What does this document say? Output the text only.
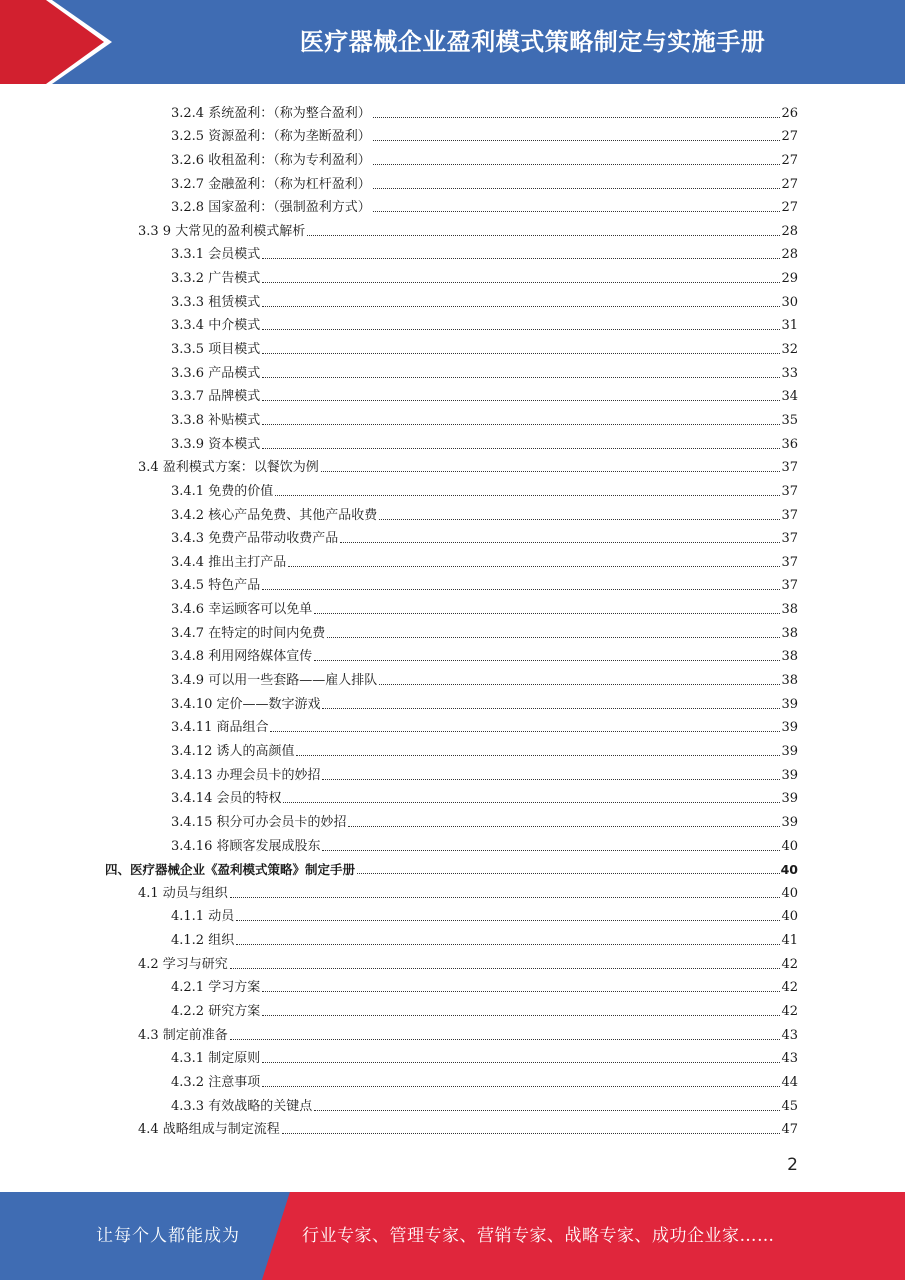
医疗器械企业盈利模式策略制定与实施手册
3.2.4 系统盈利：（称为整合盈利）	26
3.2.5 资源盈利：（称为垄断盈利）	27
3.2.6 收租盈利：（称为专利盈利）	27
3.2.7 金融盈利：（称为杠杆盈利）	27
3.2.8 国家盈利：（强制盈利方式）	27
3.3 9 大常见的盈利模式解析	28
3.3.1 会员模式	28
3.3.2 广告模式	29
3.3.3 租赁模式	30
3.3.4 中介模式	31
3.3.5 项目模式	32
3.3.6 产品模式	33
3.3.7 品牌模式	34
3.3.8 补贴模式	35
3.3.9 资本模式	36
3.4 盈利模式方案：以餐饮为例	37
3.4.1 免费的价值	37
3.4.2 核心产品免费、其他产品收费	37
3.4.3 免费产品带动收费产品	37
3.4.4 推出主打产品	37
3.4.5 特色产品	37
3.4.6 幸运顾客可以免单	38
3.4.7 在特定的时间内免费	38
3.4.8 利用网络媒体宣传	38
3.4.9 可以用一些套路——雇人排队	38
3.4.10 定价——数字游戏	39
3.4.11 商品组合	39
3.4.12 诱人的高颜值	39
3.4.13 办理会员卡的妙招	39
3.4.14 会员的特权	39
3.4.15 积分可办会员卡的妙招	39
3.4.16 将顾客发展成股东	40
四、医疗器械企业《盈利模式策略》制定手册	40
4.1 动员与组织	40
4.1.1 动员	40
4.1.2 组织	41
4.2 学习与研究	42
4.2.1 学习方案	42
4.2.2 研究方案	42
4.3 制定前准备	43
4.3.1 制定原则	43
4.3.2 注意事项	44
4.3.3 有效战略的关键点	45
4.4 战略组成与制定流程	47
2
让每个人都能成为	行业专家、管理专家、营销专家、战略专家、成功企业家……
